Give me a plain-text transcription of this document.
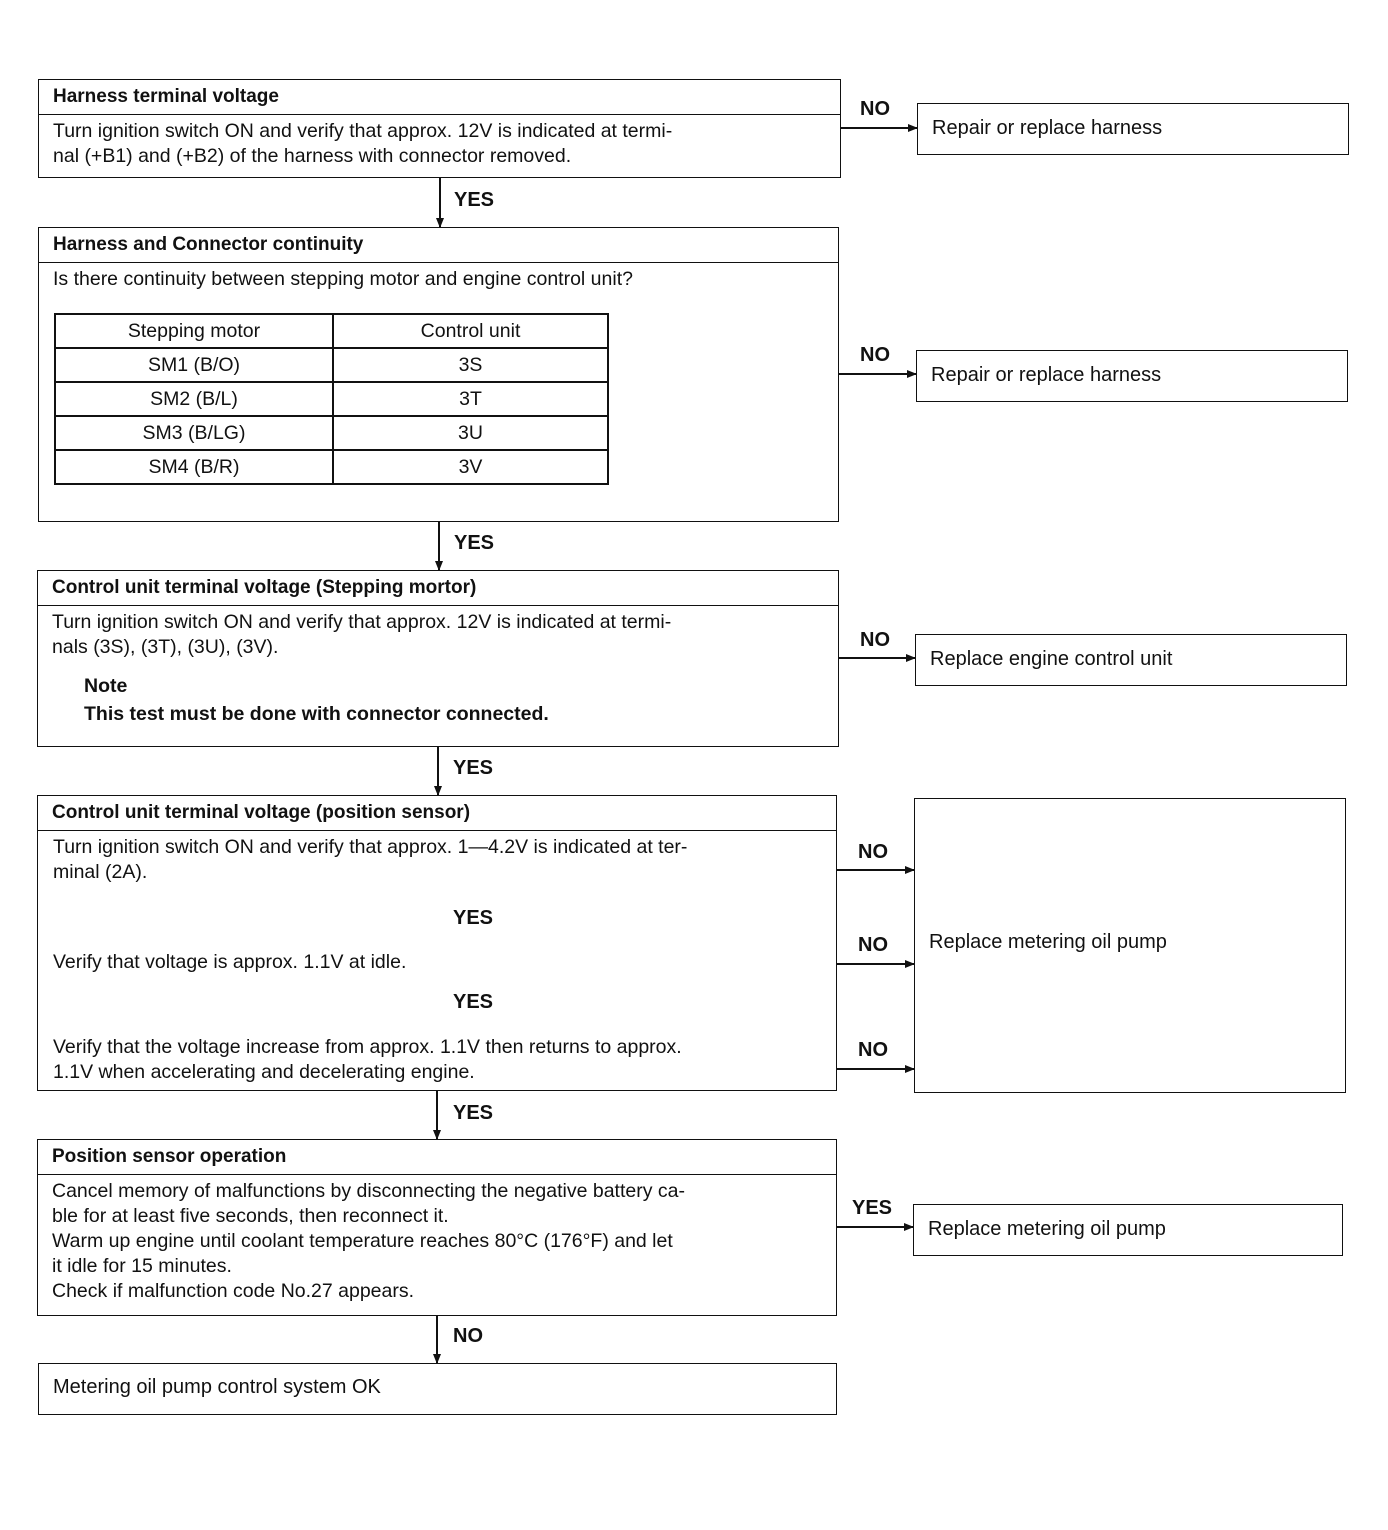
Harness terminal voltage
Turn ignition switch ON and verify that approx. 12V is indicated at termi-
nal (+B1) and (+B2) of the harness with connector removed.
NO
Repair or replace harness
YES
Harness and Connector continuity
Is there continuity between stepping motor and engine control unit?
Stepping motor	Control unit
SM1 (B/O)	3S
SM2 (B/L)	3T
SM3 (B/LG)	3U
SM4 (B/R)	3V
NO
Repair or replace harness
YES
Control unit terminal voltage (Stepping mortor)
Turn ignition switch ON and verify that approx. 12V is indicated at termi-
nals (3S), (3T), (3U), (3V).
Note
This test must be done with connector connected.
NO
Replace engine control unit
YES
Control unit terminal voltage (position sensor)
Turn ignition switch ON and verify that approx. 1—4.2V is indicated at ter-
minal (2A).
YES
Verify that voltage is approx. 1.1V at idle.
YES
Verify that the voltage increase from approx. 1.1V then returns to approx.
1.1V when accelerating and decelerating engine.
NO
NO
NO
Replace metering oil pump
YES
Position sensor operation
Cancel memory of malfunctions by disconnecting the negative battery ca-
ble for at least five seconds, then reconnect it.
Warm up engine until coolant temperature reaches 80°C (176°F) and let
it idle for 15 minutes.
Check if malfunction code No.27 appears.
YES
Replace metering oil pump
NO
Metering oil pump control system OK
